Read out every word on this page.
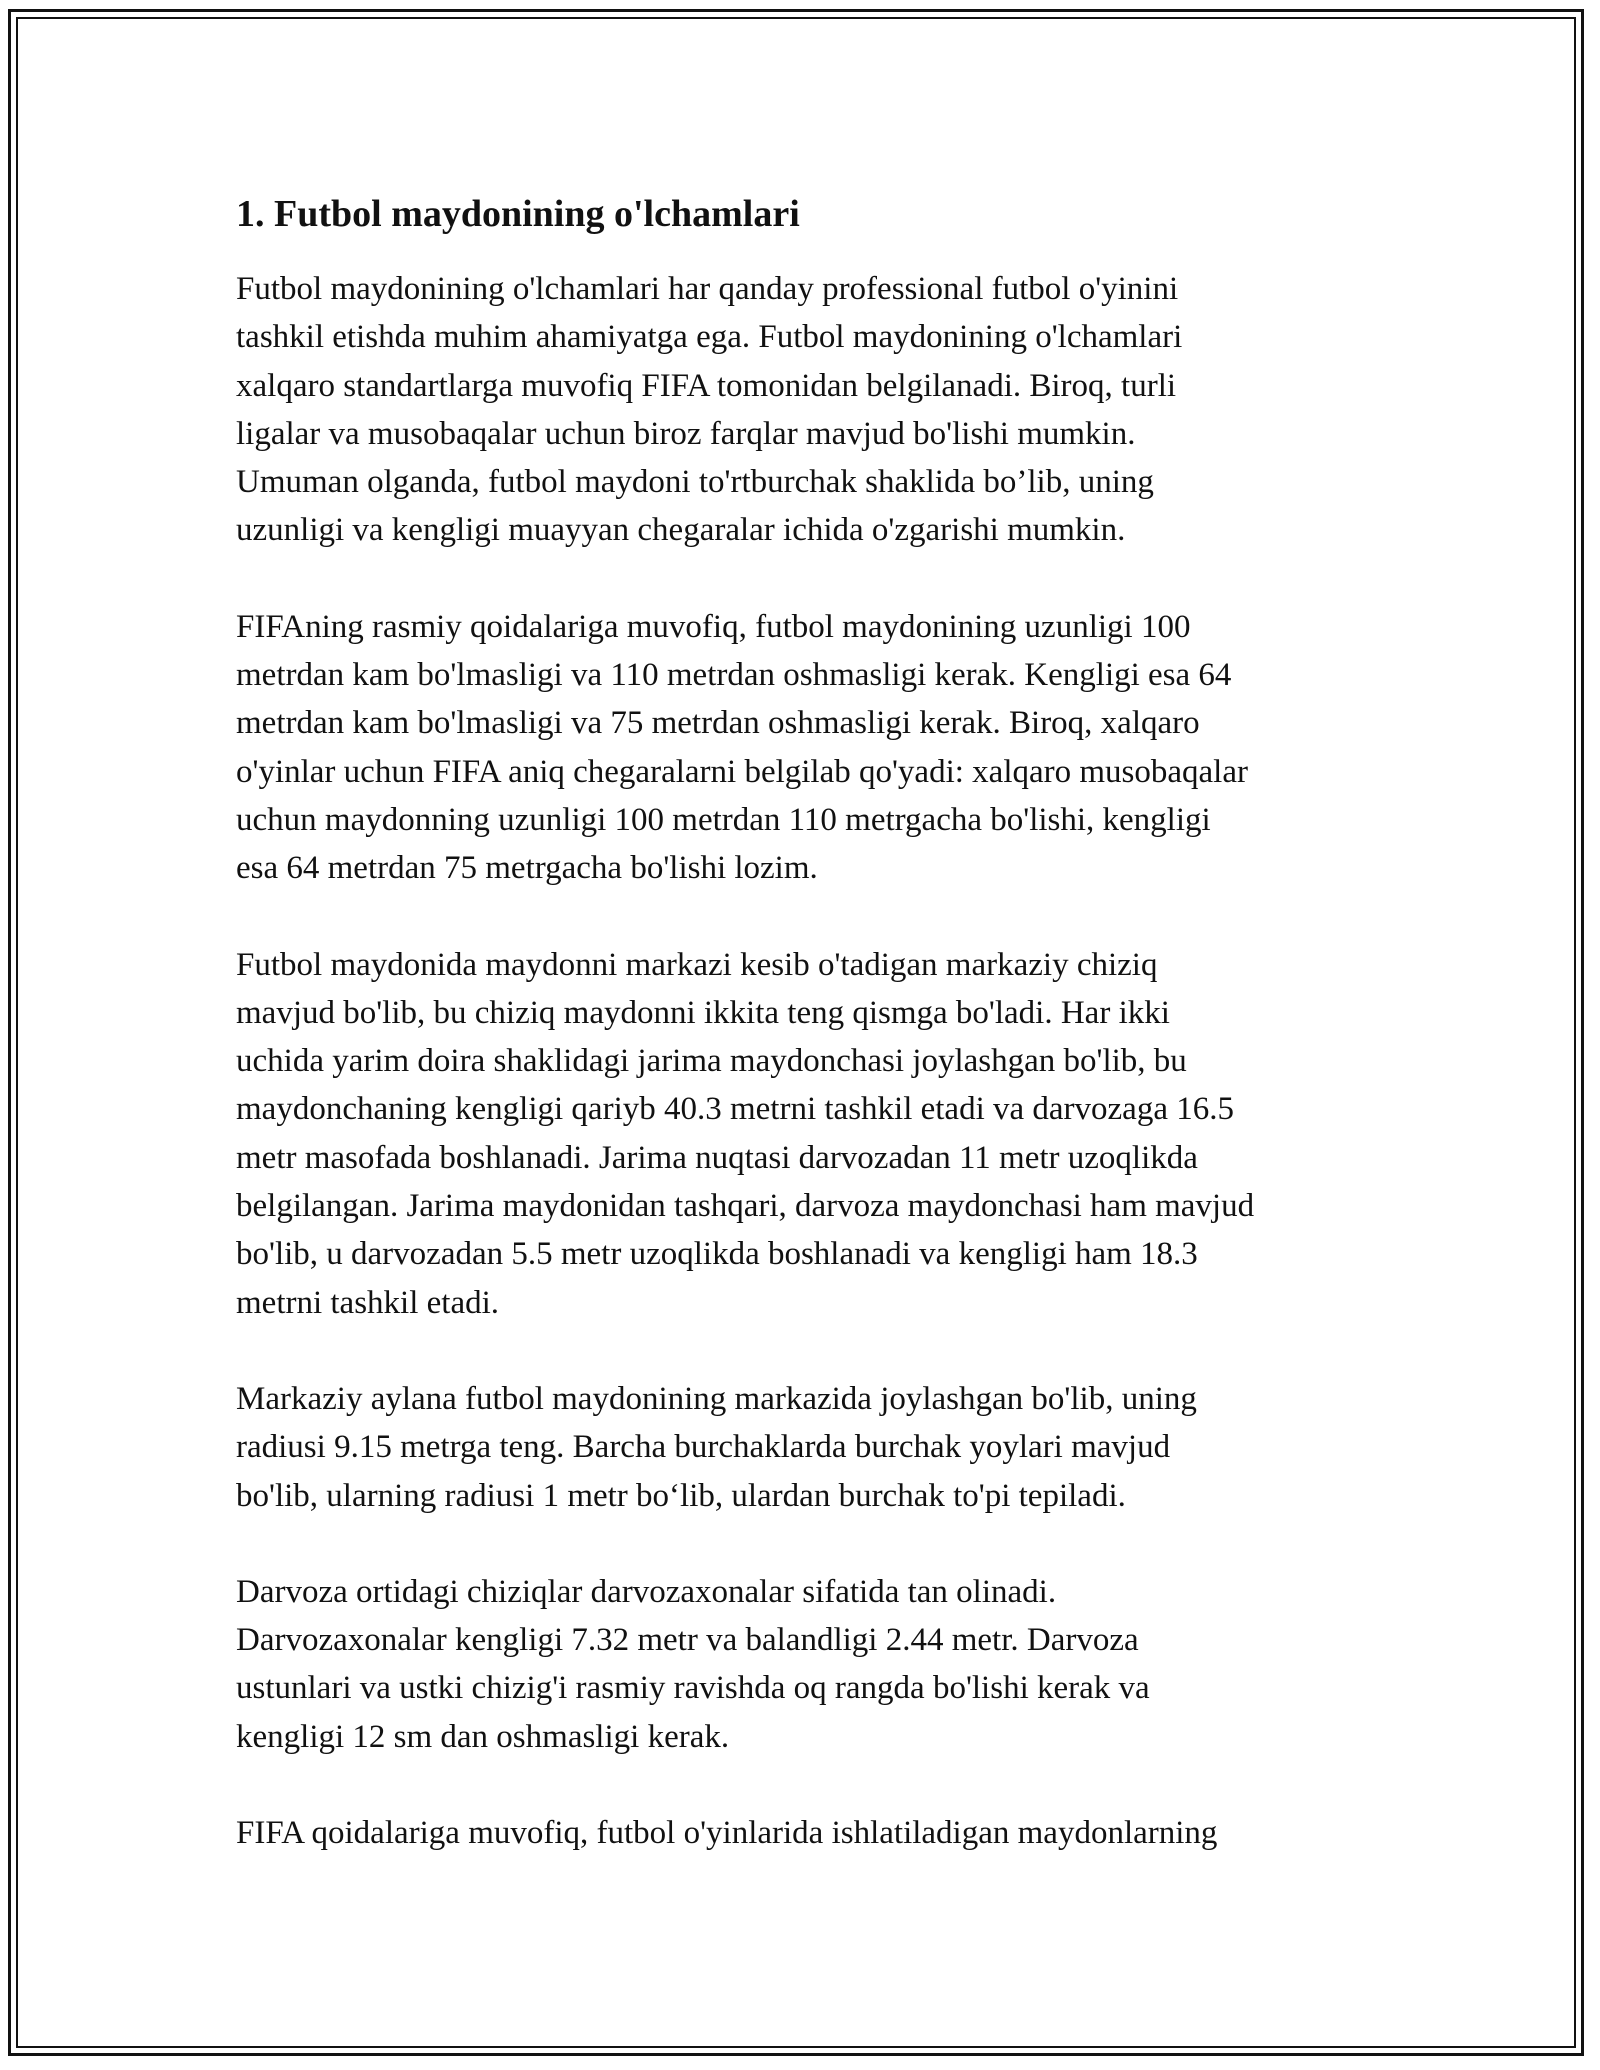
1. Futbol maydonining o'lchamlari

Futbol maydonining o'lchamlari har qanday professional futbol o'yinini
tashkil etishda muhim ahamiyatga ega. Futbol maydonining o'lchamlari
xalqaro standartlarga muvofiq FIFA tomonidan belgilanadi. Biroq, turli
ligalar va musobaqalar uchun biroz farqlar mavjud bo'lishi mumkin.
Umuman olganda, futbol maydoni to'rtburchak shaklida bo’lib, uning
uzunligi va kengligi muayyan chegaralar ichida o'zgarishi mumkin.

FIFAning rasmiy qoidalariga muvofiq, futbol maydonining uzunligi 100
metrdan kam bo'lmasligi va 110 metrdan oshmasligi kerak. Kengligi esa 64
metrdan kam bo'lmasligi va 75 metrdan oshmasligi kerak. Biroq, xalqaro
o'yinlar uchun FIFA aniq chegaralarni belgilab qo'yadi: xalqaro musobaqalar
uchun maydonning uzunligi 100 metrdan 110 metrgacha bo'lishi, kengligi
esa 64 metrdan 75 metrgacha bo'lishi lozim.

Futbol maydonida maydonni markazi kesib o'tadigan markaziy chiziq
mavjud bo'lib, bu chiziq maydonni ikkita teng qismga bo'ladi. Har ikki
uchida yarim doira shaklidagi jarima maydonchasi joylashgan bo'lib, bu
maydonchaning kengligi qariyb 40.3 metrni tashkil etadi va darvozaga 16.5
metr masofada boshlanadi. Jarima nuqtasi darvozadan 11 metr uzoqlikda
belgilangan. Jarima maydonidan tashqari, darvoza maydonchasi ham mavjud
bo'lib, u darvozadan 5.5 metr uzoqlikda boshlanadi va kengligi ham 18.3
metrni tashkil etadi.

Markaziy aylana futbol maydonining markazida joylashgan bo'lib, uning
radiusi 9.15 metrga teng. Barcha burchaklarda burchak yoylari mavjud
bo'lib, ularning radiusi 1 metr bo‘lib, ulardan burchak to'pi tepiladi.

Darvoza ortidagi chiziqlar darvozaxonalar sifatida tan olinadi.
Darvozaxonalar kengligi 7.32 metr va balandligi 2.44 metr. Darvoza
ustunlari va ustki chizig'i rasmiy ravishda oq rangda bo'lishi kerak va
kengligi 12 sm dan oshmasligi kerak.

FIFA qoidalariga muvofiq, futbol o'yinlarida ishlatiladigan maydonlarning
